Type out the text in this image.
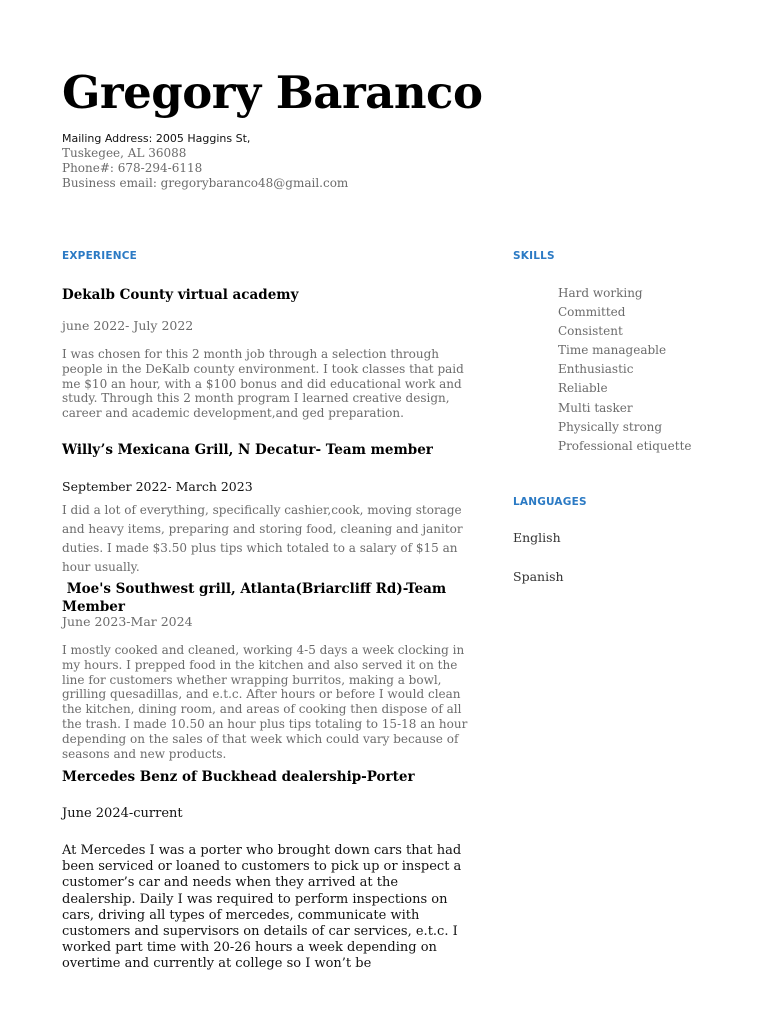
Gregory Baranco
Mailing Address: 2005 Haggins St,
Tuskegee, AL 36088
Phone#: 678-294-6118
Business email: gregorybaranco48@gmail.com
EXPERIENCE
Dekalb County virtual academy
june 2022- July 2022

I was chosen for this 2 month job through a selection through people in the DeKalb county environment. I took classes that paid me $10 an hour, with a $100 bonus and did educational work and study. Through this 2 month program I learned creative design, career and academic development,and ged preparation.

Willy’s Mexicana Grill, N Decatur- Team member
September 2022- March 2023

I did a lot of everything, specifically cashier,cook, moving storage and heavy items, preparing and storing food, cleaning and janitor duties. I made $3.50 plus tips which totaled to a salary of $15 an hour usually.

Moe's Southwest grill, Atlanta(Briarcliff Rd)-Team Member
June 2023-Mar 2024

I mostly cooked and cleaned, working 4-5 days a week clocking in my hours. I prepped food in the kitchen and also served it on the line for customers whether wrapping burritos, making a bowl, grilling quesadillas, and e.t.c. After hours or before I would clean the kitchen, dining room, and areas of cooking then dispose of all the trash. I made 10.50 an hour plus tips totaling to 15-18 an hour depending on the sales of that week which could vary because of seasons and new products.

Mercedes Benz of Buckhead dealership-Porter
June 2024-current

At Mercedes I was a porter who brought down cars that had been serviced or loaned to customers to pick up or inspect a customer’s car and needs when they arrived at the dealership. Daily I was required to perform inspections on cars, driving all types of mercedes, communicate with customers and supervisors on details of car services, e.t.c. I worked part time with 20-26 hours a week depending on overtime and currently at college so I won’t be

SKILLS
Hard working
Committed
Consistent
Time manageable
Enthusiastic
Reliable
Multi tasker
Physically strong
Professional etiquette
LANGUAGES
English
Spanish
